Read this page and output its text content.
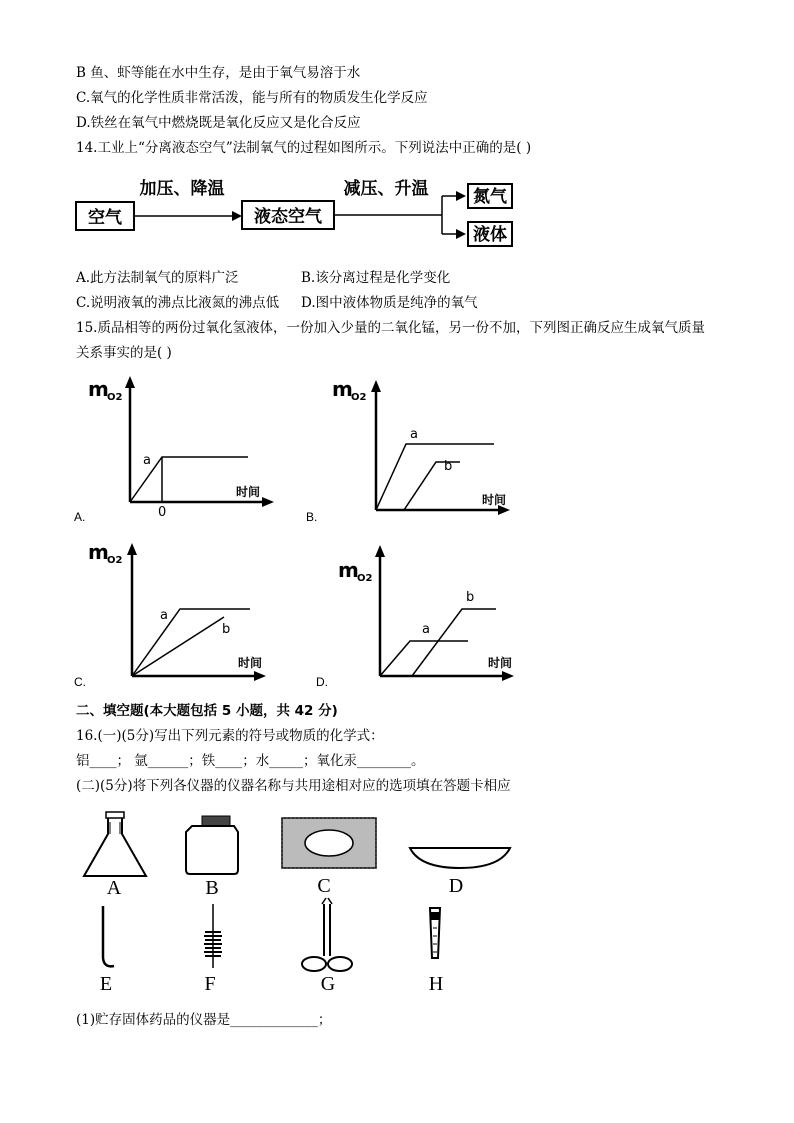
B 鱼、虾等能在水中生存，是由于氧气易溶于水
C.氧气的化学性质非常活泼，能与所有的物质发生化学反应
D.铁丝在氧气中燃烧既是氧化反应又是化合反应
14.工业上“分离液态空气”法制氧气的过程如图所示。下列说法中正确的是( )
空气
加压、降温
液态空气
减压、升温	氮气
液体
A.此方法制氧气的原料广泛	B.该分离过程是化学变化
C.说明液氧的沸点比液氮的沸点低 D.图中液体物质是纯净的氧气
15.质品相等的两份过氧化氢液体，一份加入少量的二氧化锰，另一份不加，下列图正确反应生成氧气质量
关系事实的是( )
m
O2
a
时间
0
A.
m
O2
a
b
时间
B.
m
O2
a
b
时间
C.
m
O2
a
b
时间
D.
二、填空题(本大题包括 5 小题，共 42 分)
16.(一)(5分)写出下列元素的符号或物质的化学式：
铝____； 氩______；铁____；水_____；氧化汞________。
(二)(5分)将下列各仪器的仪器名称与共用途相对应的选项填在答题卡相应
A	B	C	D
E	F	G	H
(1)贮存固体药品的仪器是_____________；
